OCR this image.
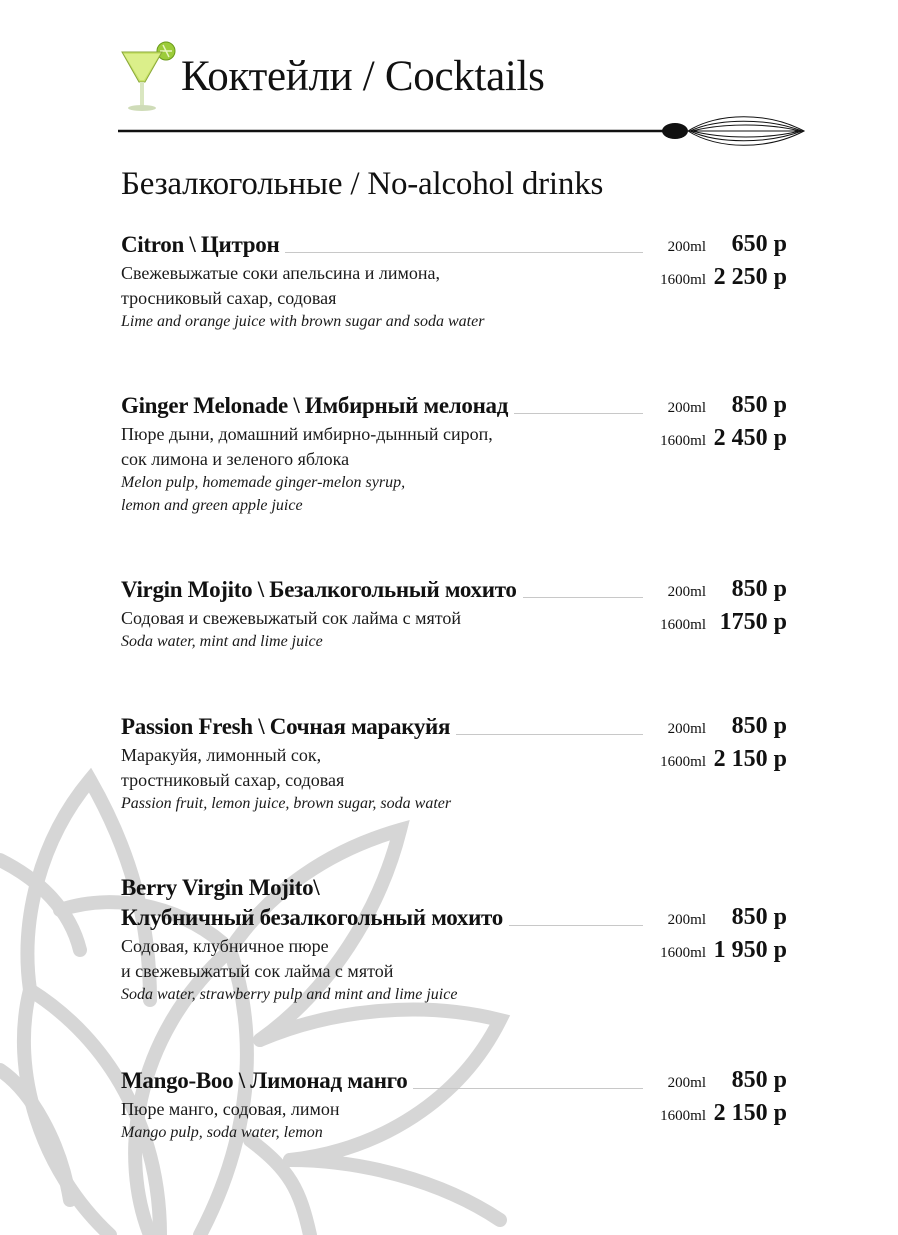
Коктейли / Cocktails
Безалкогольные / No-alcohol drinks
Citron \ Цитрон
Свежевыжатые соки апельсина и лимона,
тросниковый сахар, содовая
Lime and orange juice with brown sugar and soda water
200ml 650 р
1600ml 2 250 р
Ginger Melonade \ Имбирный мелонад
Пюре дыни, домашний имбирно-дынный сироп,
сок лимона и зеленого яблока
Melon pulp, homemade ginger-melon syrup,
lemon and green apple juice
200ml 850 р
1600ml 2 450 р
Virgin Mojito \ Безалкогольный мохито
Содовая и свежевыжатый сок лайма с мятой
Soda water, mint and lime juice
200ml 850 р
1600ml 1750 р
Passion Fresh \ Сочная маракуйя
Маракуйя, лимонный сок,
тростниковый сахар, содовая
Passion fruit, lemon juice, brown sugar, soda water
200ml 850 р
1600ml 2 150 р
Berry Virgin Mojito\
Клубничный безалкогольный мохито
Содовая, клубничное пюре
и свежевыжатый сок лайма с мятой
Soda water, strawberry pulp and mint and lime juice
200ml 850 р
1600ml 1 950 р
Mango-Boo \ Лимонад манго
Пюре манго, содовая, лимон
Mango pulp, soda water, lemon
200ml 850 р
1600ml 2 150 р
